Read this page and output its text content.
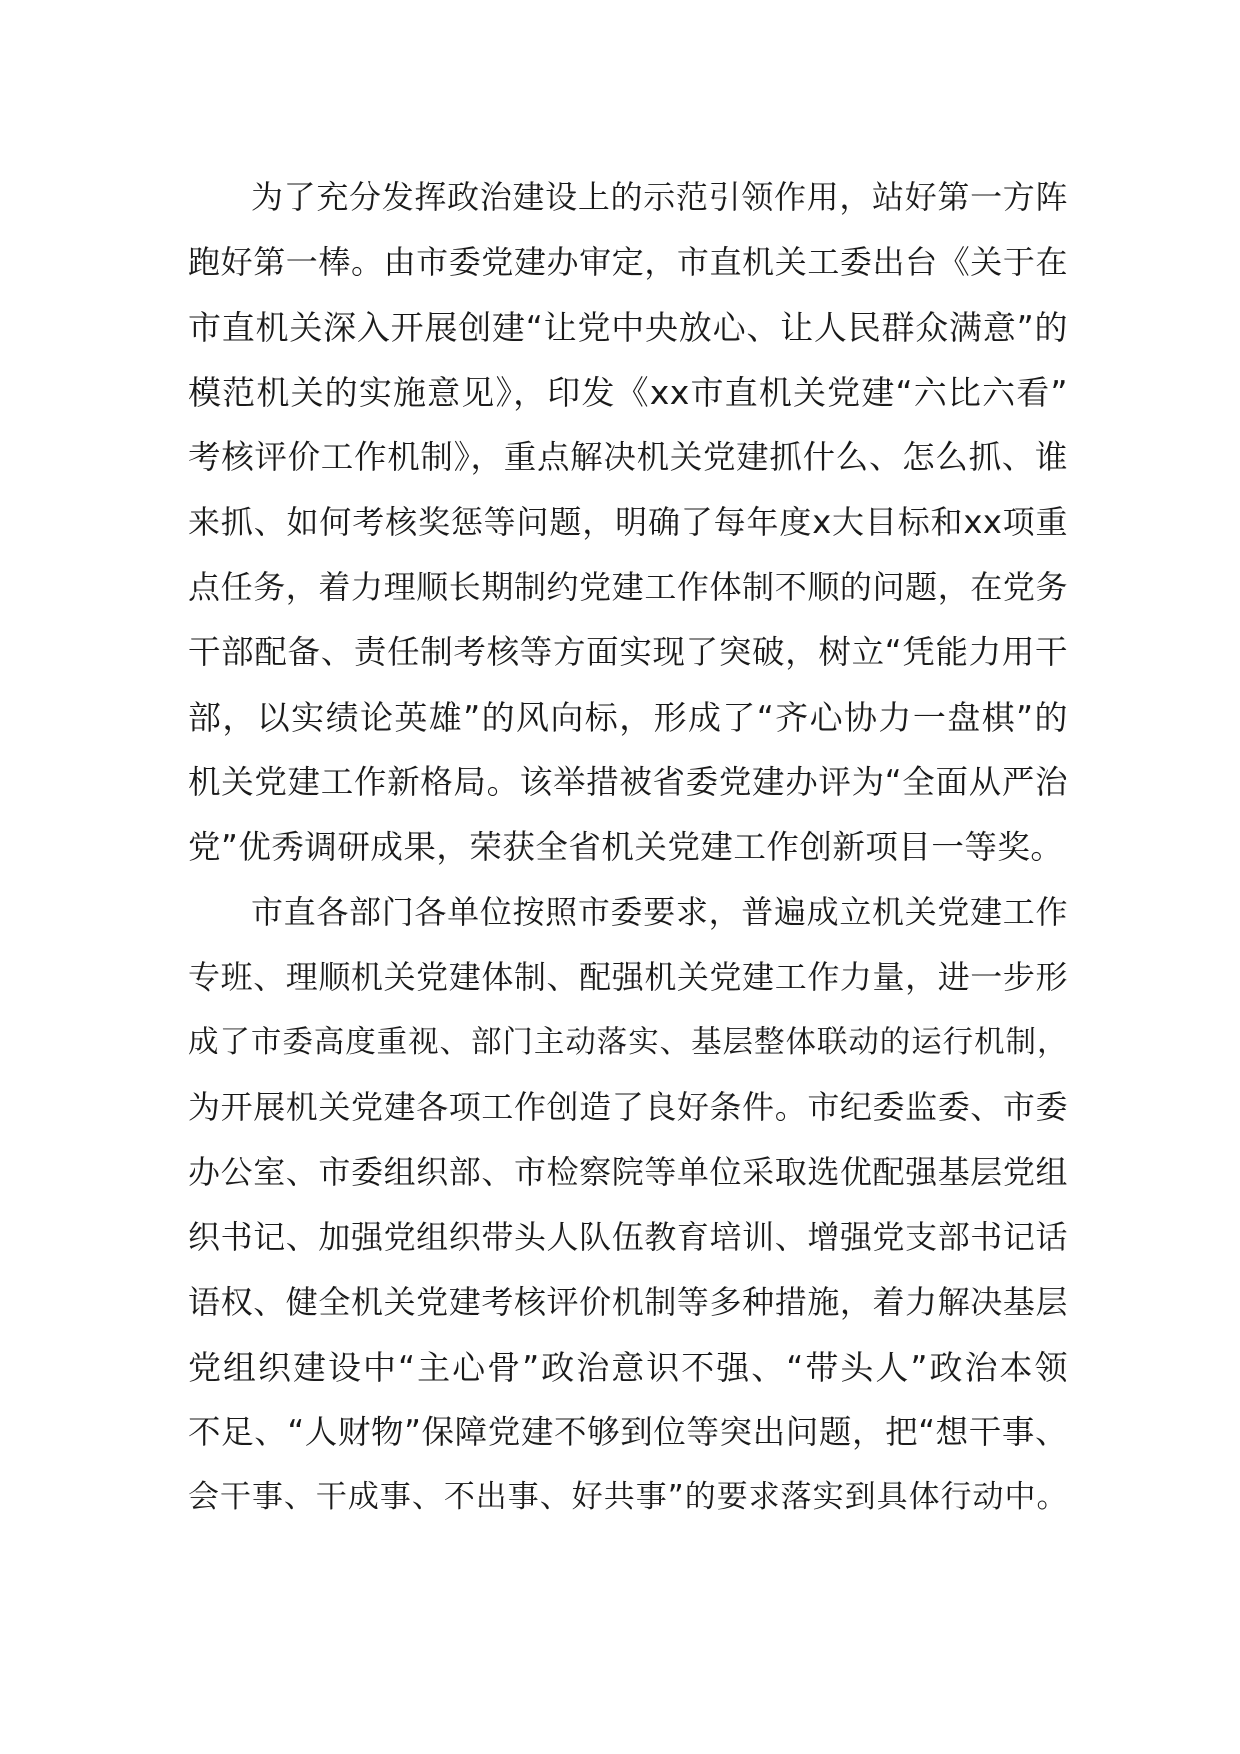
为了充分发挥政治建设上的示范引领作用，站好第一方阵
跑好第一棒。由市委党建办审定，市直机关工委出台《关于在
市直机关深入开展创建“让党中央放心、让人民群众满意”的
模范机关的实施意见》，印发《xx市直机关党建“六比六看”
考核评价工作机制》，重点解决机关党建抓什么、怎么抓、谁
来抓、如何考核奖惩等问题，明确了每年度x大目标和xx项重
点任务，着力理顺长期制约党建工作体制不顺的问题，在党务
干部配备、责任制考核等方面实现了突破，树立“凭能力用干
部，以实绩论英雄”的风向标，形成了“齐心协力一盘棋”的
机关党建工作新格局。该举措被省委党建办评为“全面从严治
党”优秀调研成果，荣获全省机关党建工作创新项目一等奖。
市直各部门各单位按照市委要求，普遍成立机关党建工作
专班、理顺机关党建体制、配强机关党建工作力量，进一步形
成了市委高度重视、部门主动落实、基层整体联动的运行机制，
为开展机关党建各项工作创造了良好条件。市纪委监委、市委
办公室、市委组织部、市检察院等单位采取选优配强基层党组
织书记、加强党组织带头人队伍教育培训、增强党支部书记话
语权、健全机关党建考核评价机制等多种措施，着力解决基层
党组织建设中“主心骨”政治意识不强、“带头人”政治本领
不足、“人财物”保障党建不够到位等突出问题，把“想干事、
会干事、干成事、不出事、好共事”的要求落实到具体行动中。
